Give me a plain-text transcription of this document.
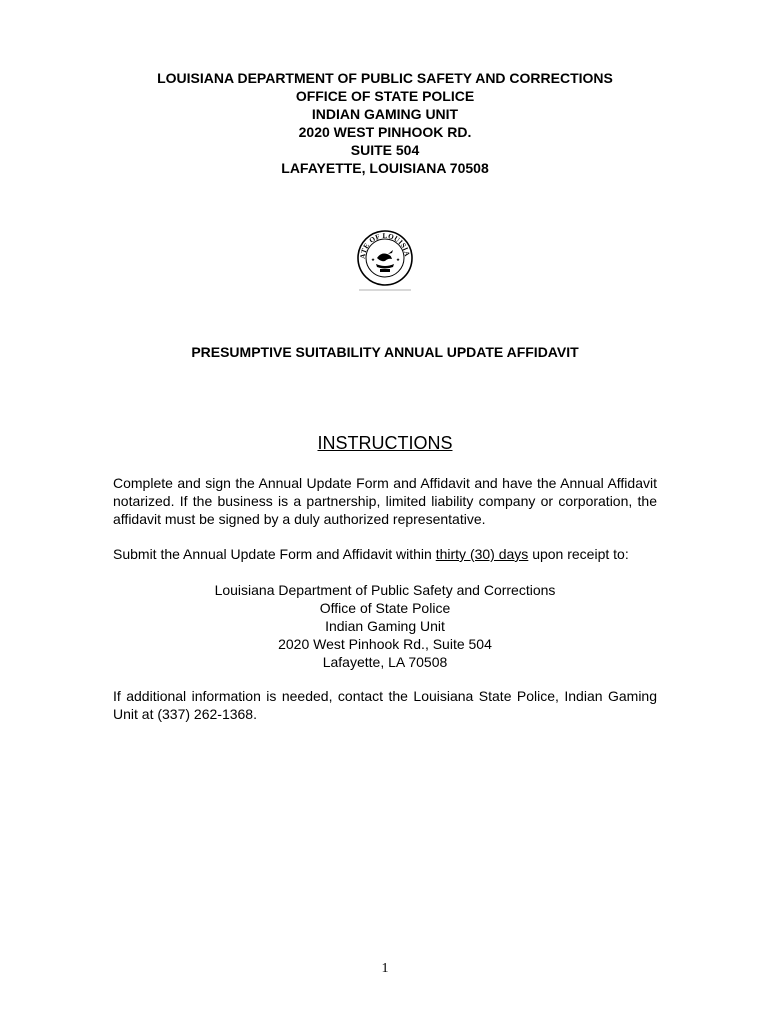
LOUISIANA DEPARTMENT OF PUBLIC SAFETY AND CORRECTIONS
OFFICE OF STATE POLICE
INDIAN GAMING UNIT
2020 WEST PINHOOK RD.
SUITE 504
LAFAYETTE, LOUISIANA 70508
ATE OF LOUISIA
★	★
PRESUMPTIVE SUITABILITY ANNUAL UPDATE AFFIDAVIT
INSTRUCTIONS
Complete and sign the Annual Update Form and Affidavit and have the Annual Affidavit notarized. If the business is a partnership, limited liability company or corporation, the affidavit must be signed by a duly authorized representative.
Submit the Annual Update Form and Affidavit within thirty (30) days upon receipt to:
Louisiana Department of Public Safety and Corrections
Office of State Police
Indian Gaming Unit
2020 West Pinhook Rd., Suite 504
Lafayette, LA 70508
If additional information is needed, contact the Louisiana State Police, Indian Gaming Unit at (337) 262-1368.
1
